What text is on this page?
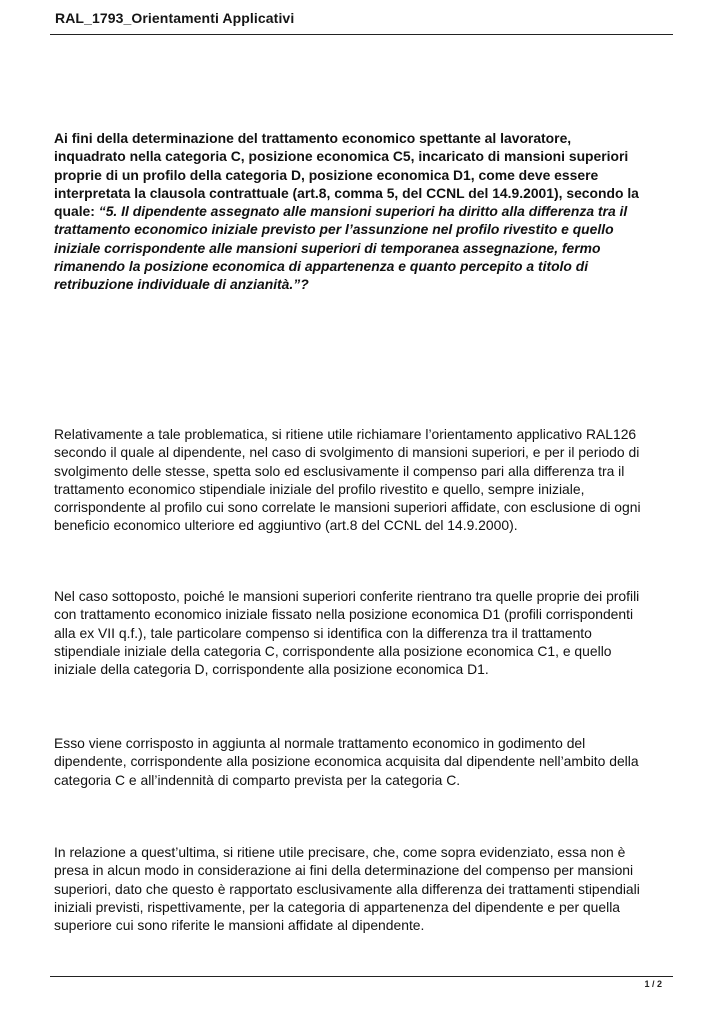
RAL_1793_Orientamenti Applicativi
Ai fini della determinazione del trattamento economico spettante al lavoratore,
inquadrato nella categoria C, posizione economica C5, incaricato di mansioni superiori
proprie di un profilo della categoria D, posizione economica D1, come deve essere
interpretata la clausola contrattuale (art.8, comma 5, del CCNL del 14.9.2001), secondo la
quale: “5. Il dipendente assegnato alle mansioni superiori ha diritto alla differenza tra il
trattamento economico iniziale previsto per l’assunzione nel profilo rivestito e quello
iniziale corrispondente alle mansioni superiori di temporanea assegnazione, fermo
rimanendo la posizione economica di appartenenza e quanto percepito a titolo di
retribuzione individuale di anzianità.”?
Relativamente a tale problematica, si ritiene utile richiamare l’orientamento applicativo RAL126
secondo il quale al dipendente, nel caso di svolgimento di mansioni superiori, e per il periodo di
svolgimento delle stesse, spetta solo ed esclusivamente il compenso pari alla differenza tra il
trattamento economico stipendiale iniziale del profilo rivestito e quello, sempre iniziale,
corrispondente al profilo cui sono correlate le mansioni superiori affidate, con esclusione di ogni
beneficio economico ulteriore ed aggiuntivo (art.8 del CCNL del 14.9.2000).
Nel caso sottoposto, poiché le mansioni superiori conferite rientrano tra quelle proprie dei profili
con trattamento economico iniziale fissato nella posizione economica D1 (profili corrispondenti
alla ex VII q.f.), tale particolare compenso si identifica con la differenza tra il trattamento
stipendiale iniziale della categoria C, corrispondente alla posizione economica C1, e quello
iniziale della categoria D, corrispondente alla posizione economica D1.
Esso viene corrisposto in aggiunta al normale trattamento economico in godimento del
dipendente, corrispondente alla posizione economica acquisita dal dipendente nell’ambito della
categoria C e all’indennità di comparto prevista per la categoria C.
In relazione a quest’ultima, si ritiene utile precisare, che, come sopra evidenziato, essa non è
presa in alcun modo in considerazione ai fini della determinazione del compenso per mansioni
superiori, dato che questo è rapportato esclusivamente alla differenza dei trattamenti stipendiali
iniziali previsti, rispettivamente, per la categoria di appartenenza del dipendente e per quella
superiore cui sono riferite le mansioni affidate al dipendente.
1 / 2
